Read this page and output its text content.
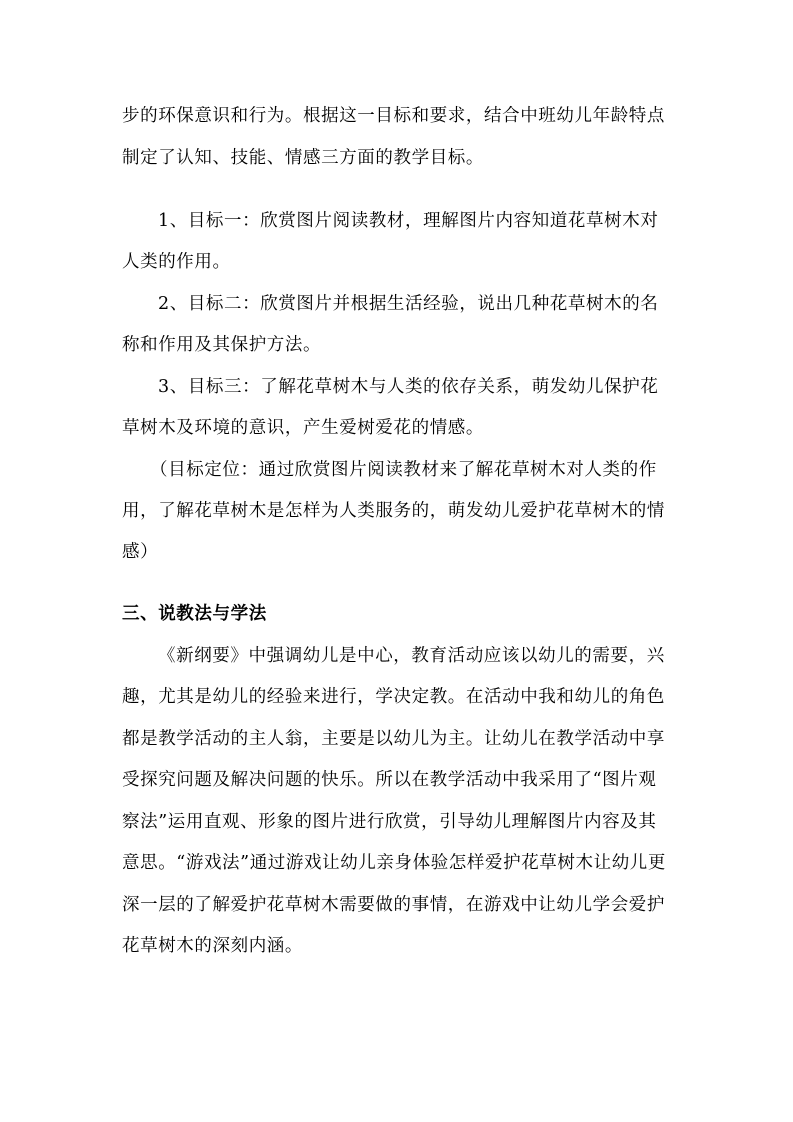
步的环保意识和行为。根据这一目标和要求，结合中班幼儿年龄特点
制定了认知、技能、情感三方面的教学目标。
1、目标一：欣赏图片阅读教材，理解图片内容知道花草树木对
人类的作用。
2、目标二：欣赏图片并根据生活经验，说出几种花草树木的名
称和作用及其保护方法。
3、目标三：了解花草树木与人类的依存关系，萌发幼儿保护花
草树木及环境的意识，产生爱树爱花的情感。
（目标定位：通过欣赏图片阅读教材来了解花草树木对人类的作
用，了解花草树木是怎样为人类服务的，萌发幼儿爱护花草树木的情
感）
三、说教法与学法
《新纲要》中强调幼儿是中心，教育活动应该以幼儿的需要，兴
趣，尤其是幼儿的经验来进行，学决定教。在活动中我和幼儿的角色
都是教学活动的主人翁，主要是以幼儿为主。让幼儿在教学活动中享
受探究问题及解决问题的快乐。所以在教学活动中我采用了“图片观
察法”运用直观、形象的图片进行欣赏，引导幼儿理解图片内容及其
意思。“游戏法”通过游戏让幼儿亲身体验怎样爱护花草树木让幼儿更
深一层的了解爱护花草树木需要做的事情，在游戏中让幼儿学会爱护
花草树木的深刻内涵。
